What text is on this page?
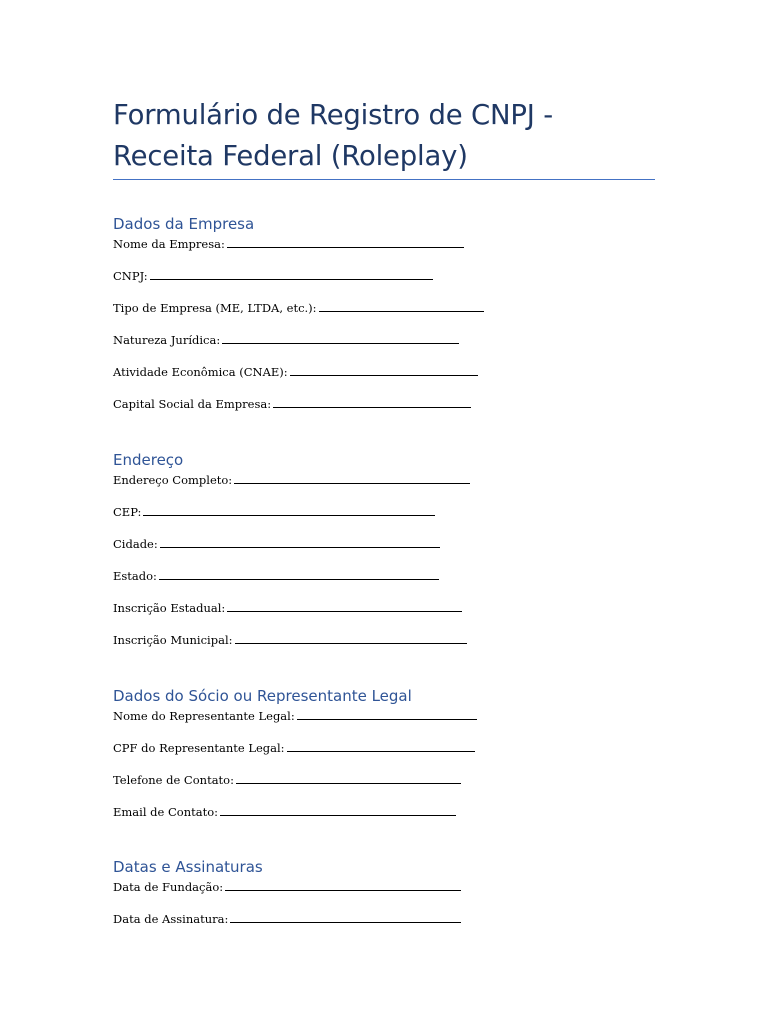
Formulário de Registro de CNPJ -
Receita Federal (Roleplay)
Dados da Empresa
Nome da Empresa:
CNPJ:
Tipo de Empresa (ME, LTDA, etc.):
Natureza Jurídica:
Atividade Econômica (CNAE):
Capital Social da Empresa:
Endereço
Endereço Completo:
CEP:
Cidade:
Estado:
Inscrição Estadual:
Inscrição Municipal:
Dados do Sócio ou Representante Legal
Nome do Representante Legal:
CPF do Representante Legal:
Telefone de Contato:
Email de Contato:
Datas e Assinaturas
Data de Fundação:
Data de Assinatura:
